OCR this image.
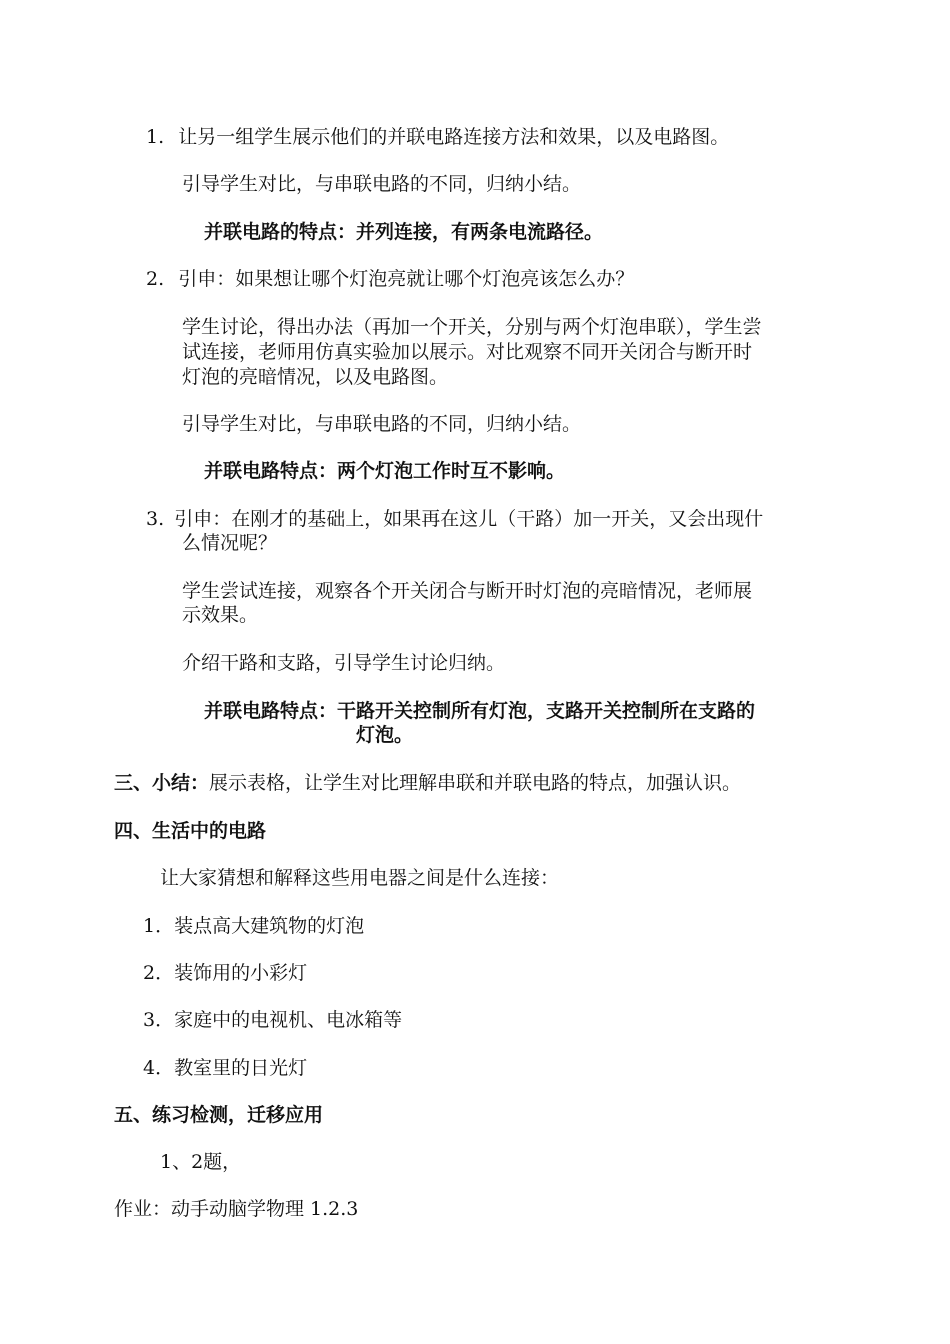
1. 让另一组学生展示他们的并联电路连接方法和效果，以及电路图。
引导学生对比，与串联电路的不同，归纳小结。
并联电路的特点：并列连接，有两条电流路径。
2. 引申：如果想让哪个灯泡亮就让哪个灯泡亮该怎么办？
学生讨论，得出办法（再加一个开关，分别与两个灯泡串联），学生尝
试连接，老师用仿真实验加以展示。对比观察不同开关闭合与断开时
灯泡的亮暗情况，以及电路图。
引导学生对比，与串联电路的不同，归纳小结。
并联电路特点：两个灯泡工作时互不影响。
3. 引申：在刚才的基础上，如果再在这儿（干路）加一开关，又会出现什
么情况呢？
学生尝试连接，观察各个开关闭合与断开时灯泡的亮暗情况，老师展
示效果。
介绍干路和支路，引导学生讨论归纳。
并联电路特点：干路开关控制所有灯泡，支路开关控制所在支路的
灯泡。
三、小结：展示表格，让学生对比理解串联和并联电路的特点，加强认识。
四、生活中的电路
让大家猜想和解释这些用电器之间是什么连接：
1．装点高大建筑物的灯泡
2．装饰用的小彩灯
3．家庭中的电视机、电冰箱等
4．教室里的日光灯
五、练习检测，迁移应用
1、2题，
作业：动手动脑学物理 1.2.3
